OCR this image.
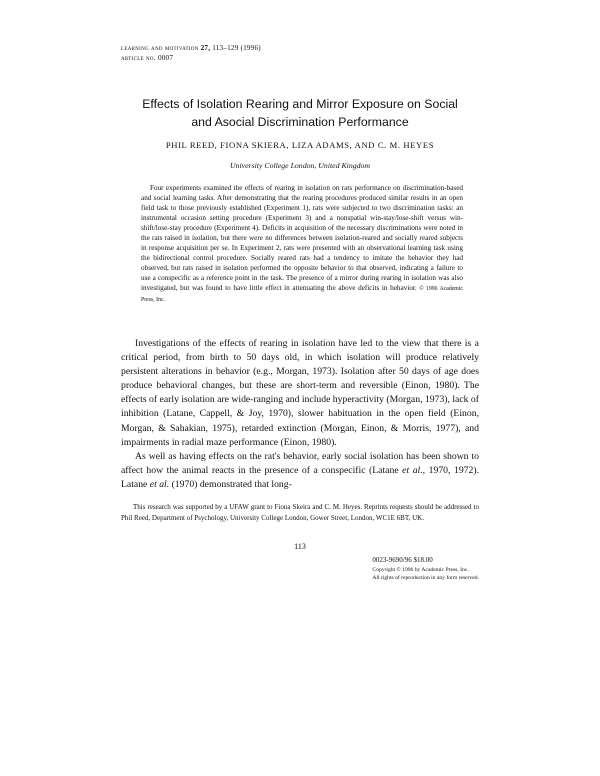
learning and motivation 27, 113–129 (1996)
article no. 0007
Effects of Isolation Rearing and Mirror Exposure on Social
and Asocial Discrimination Performance
PHIL REED, FIONA SKIERA, LIZA ADAMS, AND C. M. HEYES
University College London, United Kingdom
Four experiments examined the effects of rearing in isolation on rats performance on discrimination-based and social learning tasks. After demonstrating that the rearing procedures produced similar results in an open field task to those previously established (Experiment 1), rats were subjected to two discrimination tasks: an instrumental occasion setting procedure (Experiment 3) and a nonspatial win-stay/lose-shift versus win-shift/lose-stay procedure (Experiment 4). Deficits in acquisition of the necessary discriminations were noted in the rats raised in isolation, but there were no differences between isolation-reared and socially reared subjects in response acquisition per se. In Experiment 2, rats were presented with an observational learning task using the bidirectional control procedure. Socially reared rats had a tendency to imitate the behavior they had observed, but rats raised in isolation performed the opposite behavior to that observed, indicating a failure to use a conspecific as a reference point in the task. The presence of a mirror during rearing in isolation was also investigated, but was found to have little effect in attenuating the above deficits in behavior. © 1996 Academic Press, Inc.

Investigations of the effects of rearing in isolation have led to the view that there is a critical period, from birth to 50 days old, in which isolation will produce relatively persistent alterations in behavior (e.g., Morgan, 1973). Isolation after 50 days of age does produce behavioral changes, but these are short-term and reversible (Einon, 1980). The effects of early isolation are wide-ranging and include hyperactivity (Morgan, 1973), lack of inhibition (Latane, Cappell, & Joy, 1970), slower habituation in the open field (Einon, Morgan, & Sahakian, 1975), retarded extinction (Morgan, Einon, & Morris, 1977), and impairments in radial maze performance (Einon, 1980).

As well as having effects on the rat's behavior, early social isolation has been shown to affect how the animal reacts in the presence of a conspecific (Latane et al., 1970, 1972). Latane et al. (1970) demonstrated that long-

This research was supported by a UFAW grant to Fiona Skeira and C. M. Heyes. Reprints requests should be addressed to Phil Reed, Department of Psychology, University College London, Gower Street, London, WC1E 6BT, UK.

113
0023-9690/96 $18.00
Copyright © 1996 by Academic Press, Inc.
All rights of reproduction in any form reserved.
